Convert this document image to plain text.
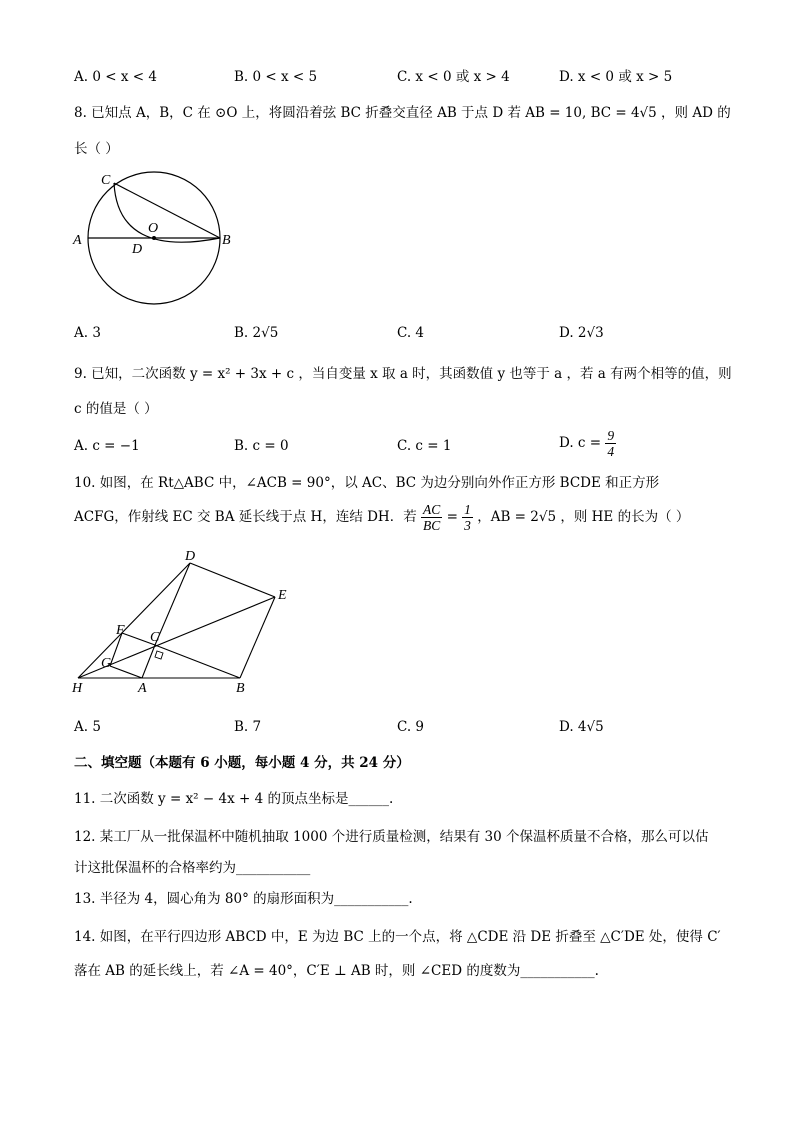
A. 0 < x < 4	B. 0 < x < 5	C. x < 0 或 x > 4	D. x < 0 或 x > 5
8. 已知点 A，B，C 在 ⊙O 上，将圆沿着弦 BC 折叠交直径 AB 于点 D 若 AB = 10, BC = 4√5 ，则 AD 的
长（ ）
C
O
A	B
D
A. 3	B. 2√5	C. 4	D. 2√3
9. 已知，二次函数 y = x² + 3x + c ，当自变量 x 取 a 时，其函数值 y 也等于 a ，若 a 有两个相等的值，则
c 的值是（ ）
A. c = −1	B. c = 0	C. c = 1	D. $c = \frac{9}{4}$
10. 如图，在 Rt△ABC 中，∠ACB = 90°，以 AC、BC 为边分别向外作正方形 BCDE 和正方形
ACFG，作射线 EC 交 BA 延长线于点 H，连结 DH．若 $\frac{AC}{BC} = \frac{1}{3}$ ，AB = 2√5 ，则 HE 的长为（ ）
D
E
F C
G
H	A	B
A. 5	B. 7	C. 9	D. 4√5
二、填空题（本题有 6 小题，每小题 4 分，共 24 分）
11. 二次函数 y = x² − 4x + 4 的顶点坐标是______.
12. 某工厂从一批保温杯中随机抽取 1000 个进行质量检测，结果有 30 个保温杯质量不合格，那么可以估
计这批保温杯的合格率约为___________
13. 半径为 4，圆心角为 80° 的扇形面积为___________.
14. 如图，在平行四边形 ABCD 中，E 为边 BC 上的一个点，将 △CDE 沿 DE 折叠至 △C′DE 处，使得 C′
落在 AB 的延长线上，若 ∠A = 40°，C′E ⊥ AB 时，则 ∠CED 的度数为___________.
